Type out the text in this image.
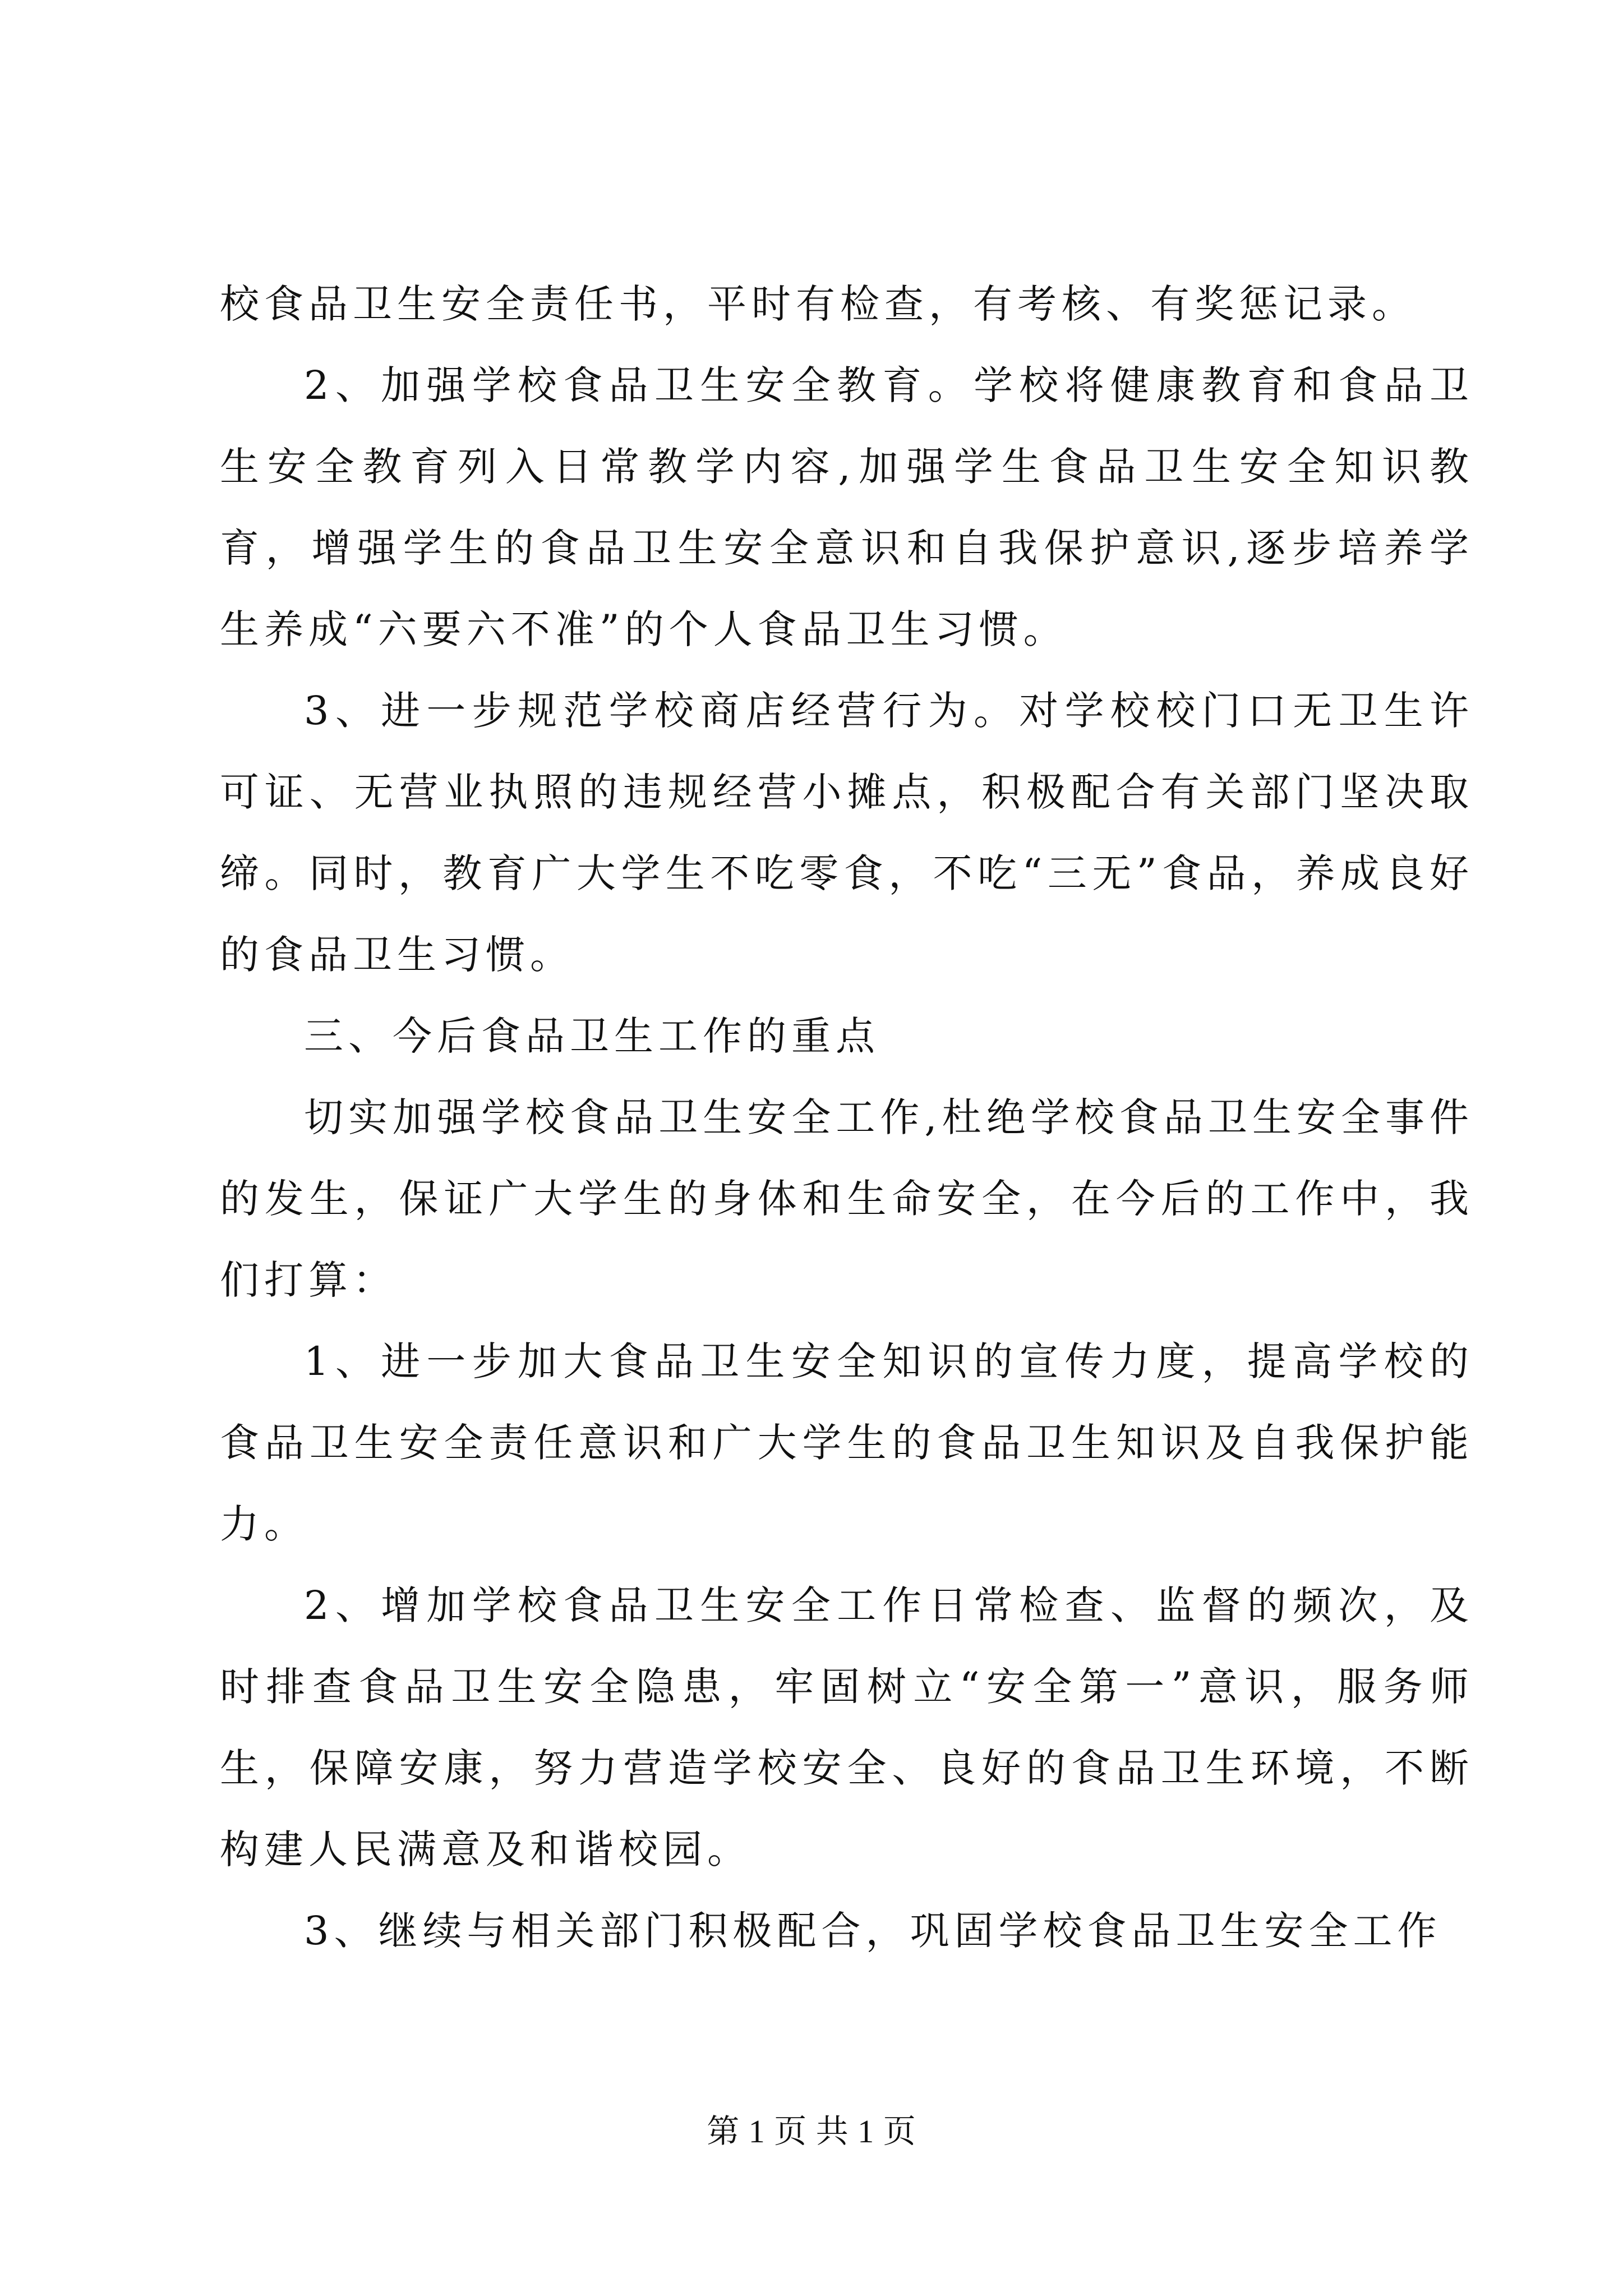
校食品卫生安全责任书，平时有检查，有考核、有奖惩记录。

2、加强学校食品卫生安全教育。学校将健康教育和食品卫生安全教育列入日常教学内容,加强学生食品卫生安全知识教育，增强学生的食品卫生安全意识和自我保护意识,逐步培养学生养成“六要六不准”的个人食品卫生习惯。

3、进一步规范学校商店经营行为。对学校校门口无卫生许可证、无营业执照的违规经营小摊点，积极配合有关部门坚决取缔。同时，教育广大学生不吃零食，不吃“三无”食品，养成良好的食品卫生习惯。

三、今后食品卫生工作的重点

切实加强学校食品卫生安全工作,杜绝学校食品卫生安全事件的发生，保证广大学生的身体和生命安全，在今后的工作中，我们打算：

1、进一步加大食品卫生安全知识的宣传力度，提高学校的食品卫生安全责任意识和广大学生的食品卫生知识及自我保护能力。

2、增加学校食品卫生安全工作日常检查、监督的频次，及时排查食品卫生安全隐患，牢固树立“安全第一”意识，服务师生，保障安康，努力营造学校安全、良好的食品卫生环境，不断构建人民满意及和谐校园。

3、继续与相关部门积极配合，巩固学校食品卫生安全工作

第 1 页 共 1 页
